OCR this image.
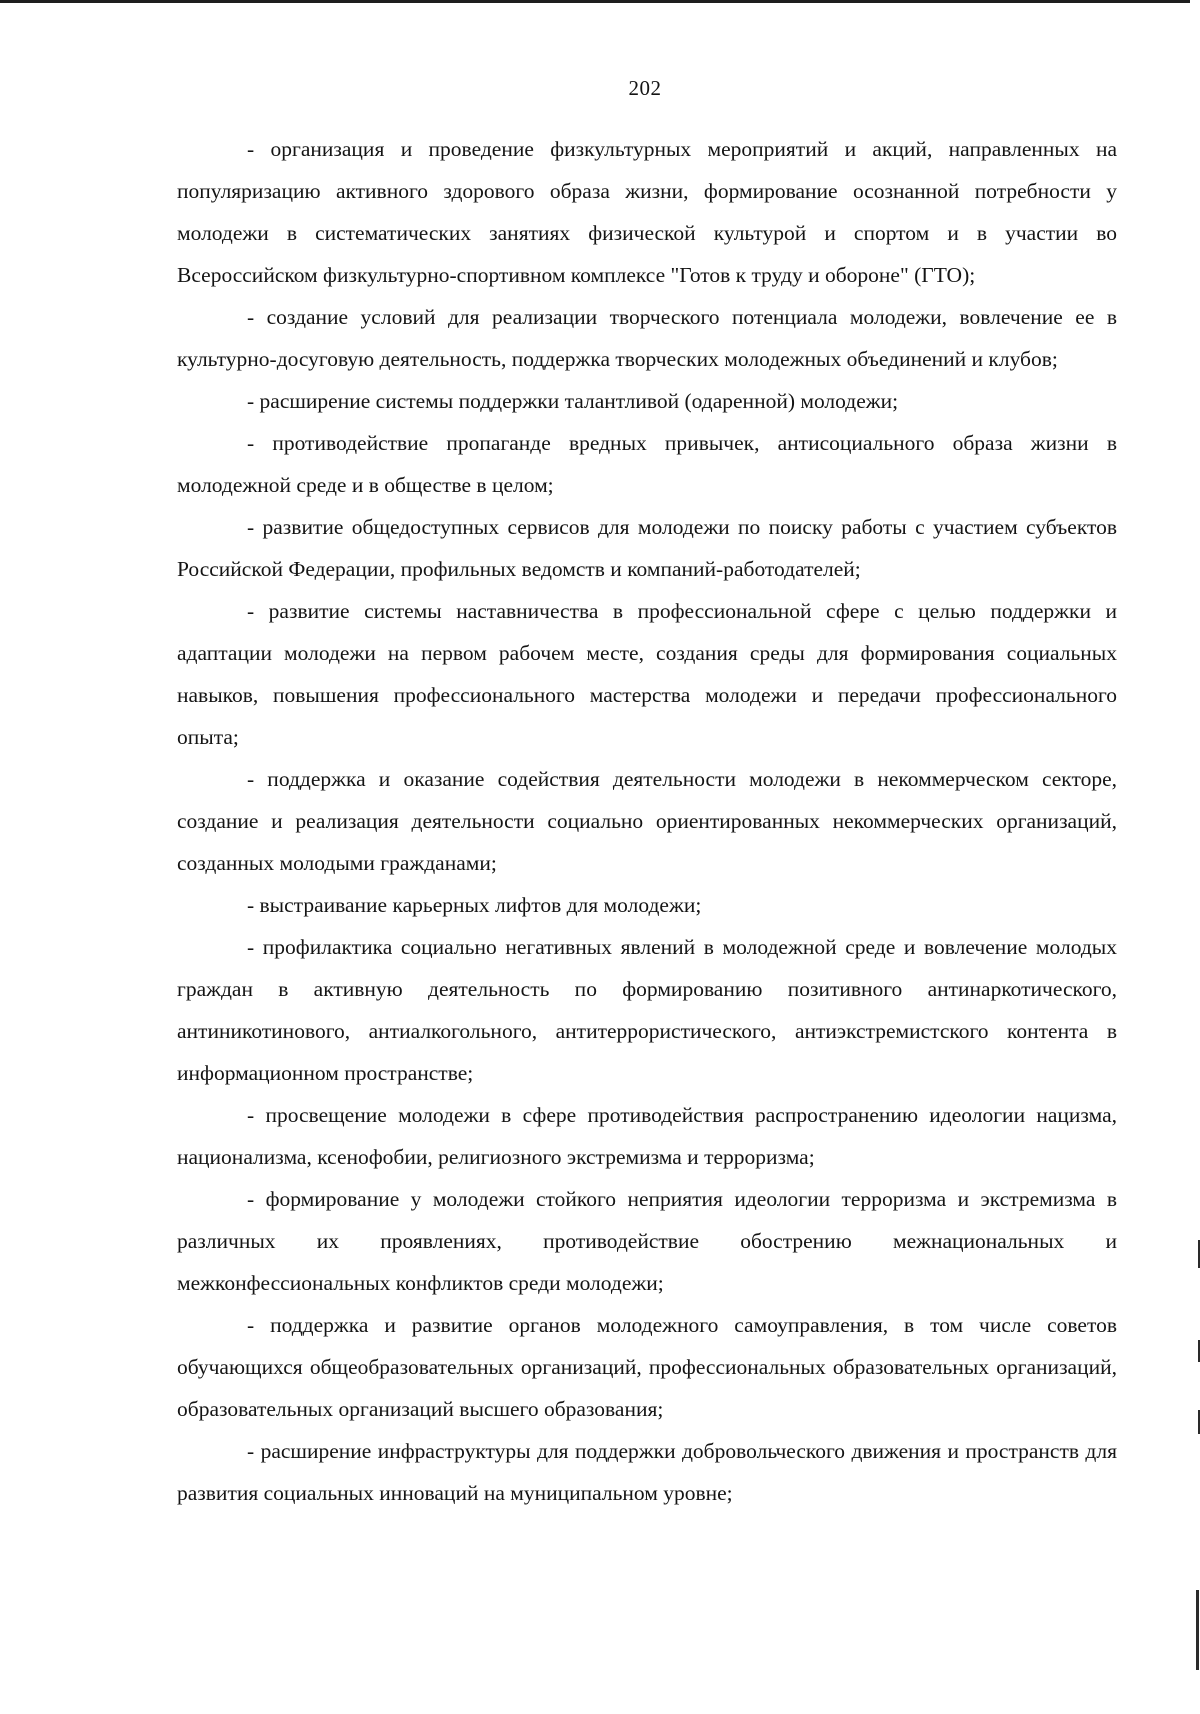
202

- организация и проведение физкультурных мероприятий и акций, направленных на популяризацию активного здорового образа жизни, формирование осознанной потребности у молодежи в систематических занятиях физической культурой и спортом и в участии во Всероссийском физкультурно-спортивном комплексе "Готов к труду и обороне" (ГТО);

- создание условий для реализации творческого потенциала молодежи, вовлечение ее в культурно-досуговую деятельность, поддержка творческих молодежных объединений и клубов;

- расширение системы поддержки талантливой (одаренной) молодежи;

- противодействие пропаганде вредных привычек, антисоциального образа жизни в молодежной среде и в обществе в целом;

- развитие общедоступных сервисов для молодежи по поиску работы с участием субъектов Российской Федерации, профильных ведомств и компаний-работодателей;

- развитие системы наставничества в профессиональной сфере с целью поддержки и адаптации молодежи на первом рабочем месте, создания среды для формирования социальных навыков, повышения профессионального мастерства молодежи и передачи профессионального опыта;

- поддержка и оказание содействия деятельности молодежи в некоммерческом секторе, создание и реализация деятельности социально ориентированных некоммерческих организаций, созданных молодыми гражданами;

- выстраивание карьерных лифтов для молодежи;

- профилактика социально негативных явлений в молодежной среде и вовлечение молодых граждан в активную деятельность по формированию позитивного антинаркотического, антиникотинового, антиалкогольного, антитеррористического, антиэкстремистского контента в информационном пространстве;

- просвещение молодежи в сфере противодействия распространению идеологии нацизма, национализма, ксенофобии, религиозного экстремизма и терроризма;

- формирование у молодежи стойкого неприятия идеологии терроризма и экстремизма в различных их проявлениях, противодействие обострению межнациональных и межконфессиональных конфликтов среди молодежи;

- поддержка и развитие органов молодежного самоуправления, в том числе советов обучающихся общеобразовательных организаций, профессиональных образовательных организаций, образовательных организаций высшего образования;

- расширение инфраструктуры для поддержки добровольческого движения и пространств для развития социальных инноваций на муниципальном уровне;
